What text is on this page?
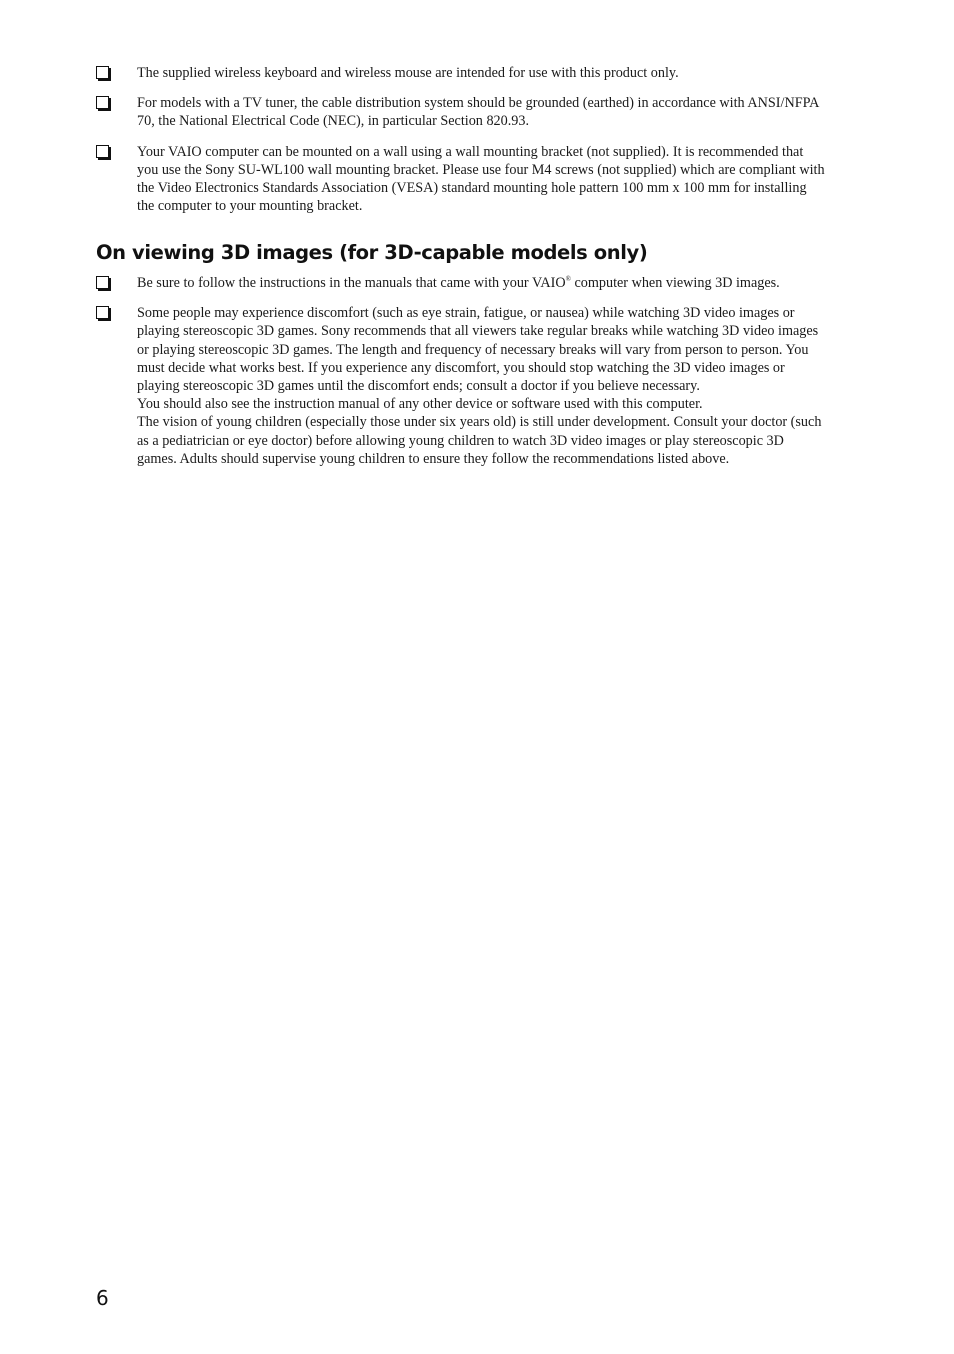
The supplied wireless keyboard and wireless mouse are intended for use with this product only.
For models with a TV tuner, the cable distribution system should be grounded (earthed) in accordance with ANSI/NFPA 70, the National Electrical Code (NEC), in particular Section 820.93.
Your VAIO computer can be mounted on a wall using a wall mounting bracket (not supplied). It is recommended that you use the Sony SU-WL100 wall mounting bracket. Please use four M4 screws (not supplied) which are compliant with the Video Electronics Standards Association (VESA) standard mounting hole pattern 100 mm x 100 mm for installing the computer to your mounting bracket.
On viewing 3D images (for 3D-capable models only)
Be sure to follow the instructions in the manuals that came with your VAIO® computer when viewing 3D images.
Some people may experience discomfort (such as eye strain, fatigue, or nausea) while watching 3D video images or playing stereoscopic 3D games. Sony recommends that all viewers take regular breaks while watching 3D video images or playing stereoscopic 3D games. The length and frequency of necessary breaks will vary from person to person. You must decide what works best. If you experience any discomfort, you should stop watching the 3D video images or playing stereoscopic 3D games until the discomfort ends; consult a doctor if you believe necessary.
You should also see the instruction manual of any other device or software used with this computer.
The vision of young children (especially those under six years old) is still under development. Consult your doctor (such as a pediatrician or eye doctor) before allowing young children to watch 3D video images or play stereoscopic 3D games. Adults should supervise young children to ensure they follow the recommendations listed above.
6
